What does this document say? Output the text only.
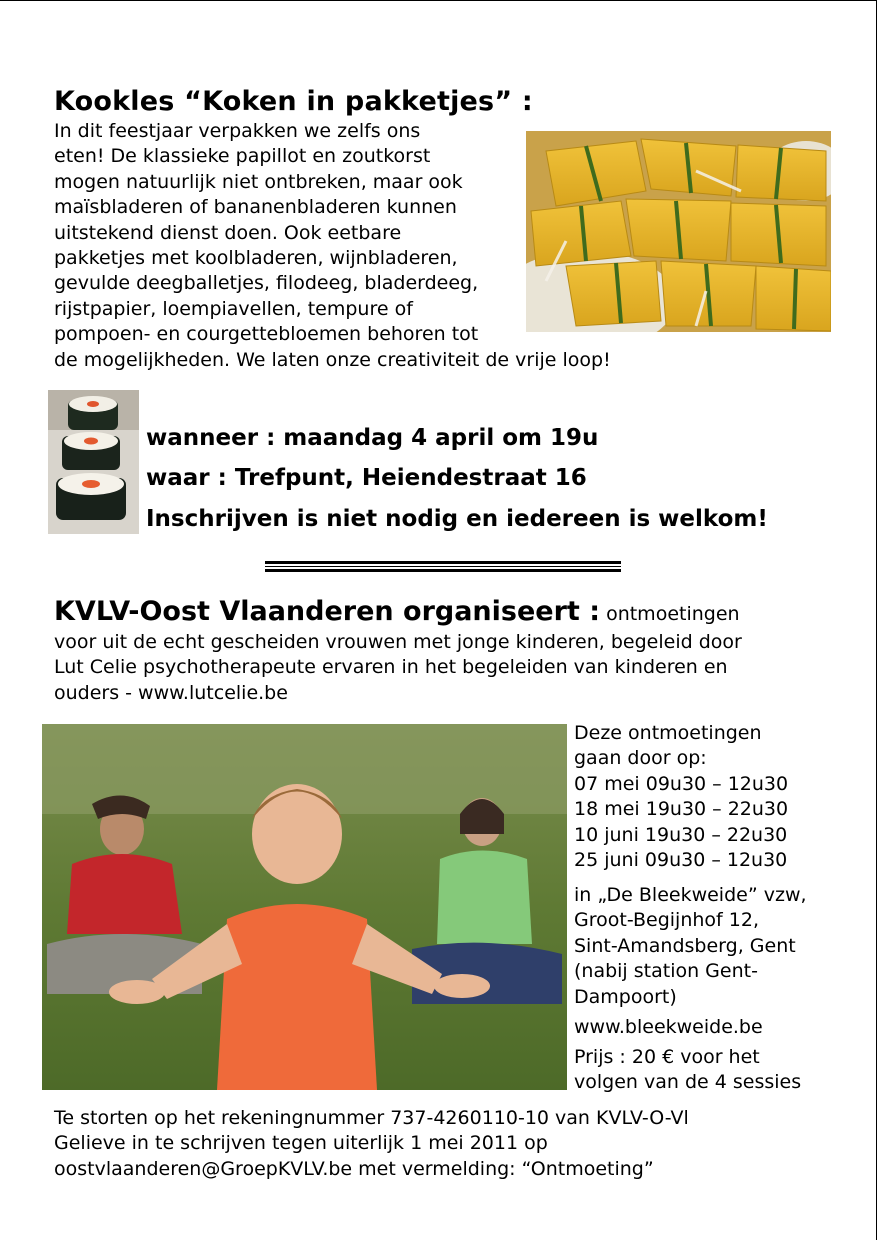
Kookles “Koken in pakketjes” :
In dit feestjaar verpakken we zelfs ons
eten! De klassieke papillot en zoutkorst
mogen natuurlijk niet ontbreken, maar ook
maïsbladeren of bananenbladeren kunnen
uitstekend dienst doen. Ook eetbare
pakketjes met koolbladeren, wijnbladeren,
gevulde deegballetjes, filodeeg, bladerdeeg,
rijstpapier, loempiavellen, tempure of
pompoen- en courgettebloemen behoren tot
de mogelijkheden. We laten onze creativiteit de vrije loop!
wanneer : maandag 4 april om 19u
waar : Trefpunt, Heiendestraat 16
Inschrijven is niet nodig en iedereen is welkom!
KVLV-Oost Vlaanderen organiseert : ontmoetingen
voor uit de echt gescheiden vrouwen met jonge kinderen, begeleid door
Lut Celie psychotherapeute ervaren in het begeleiden van kinderen en
ouders - www.lutcelie.be
Deze ontmoetingen
gaan door op:
07 mei 09u30 – 12u30
18 mei 19u30 – 22u30
10 juni 19u30 – 22u30
25 juni 09u30 – 12u30
in „De Bleekweide” vzw,
Groot-Begijnhof 12,
Sint-Amandsberg, Gent
(nabij station Gent-
Dampoort)
www.bleekweide.be
Prijs : 20 € voor het
volgen van de 4 sessies
Te storten op het rekeningnummer 737-4260110-10 van KVLV-O-Vl
Gelieve in te schrijven tegen uiterlijk 1 mei 2011 op
oostvlaanderen@GroepKVLV.be met vermelding: “Ontmoeting”
